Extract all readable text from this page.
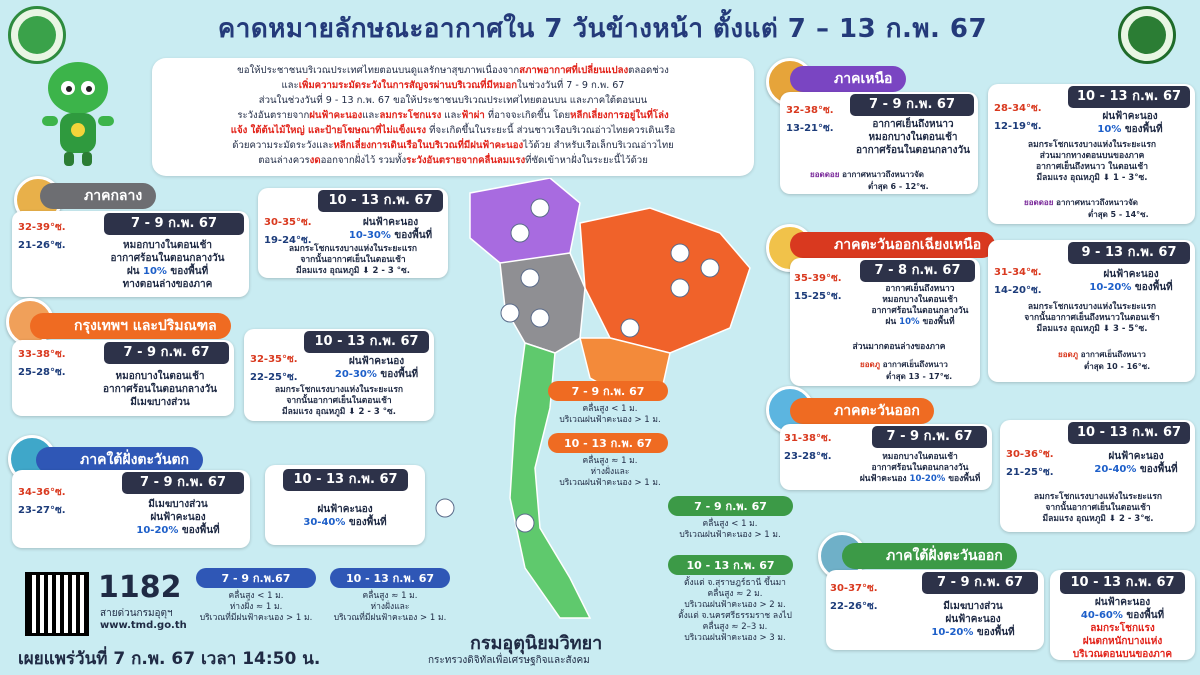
คาดหมายลักษณะอากาศใน 7 วันข้างหน้า ตั้งแต่ 7 – 13 ก.พ. 67
ขอให้ประชาชนบริเวณประเทศไทยตอนบนดูแลรักษาสุขภาพเนื่องจากสภาพอากาศที่เปลี่ยนแปลงตลอดช่วง
และเพิ่มความระมัดระวังในการสัญจรผ่านบริเวณที่มีหมอกในช่วงวันที่ 7 - 9 ก.พ. 67
ส่วนในช่วงวันที่ 9 - 13 ก.พ. 67 ขอให้ประชาชนบริเวณประเทศไทยตอนบน และภาคใต้ตอนบน
ระวังอันตรายจากฝนฟ้าคะนองและลมกระโชกแรง และฟ้าผ่า ที่อาจจะเกิดขึ้น โดยหลีกเลี่ยงการอยู่ในที่โล่ง
แจ้ง ใต้ต้นไม้ใหญ่ และป้ายโฆษณาที่ไม่แข็งแรง ที่จะเกิดขึ้นในระยะนี้ ส่วนชาวเรือบริเวณอ่าวไทยควรเดินเรือ
ด้วยความระมัดระวังและหลีกเลี่ยงการเดินเรือในบริเวณที่มีฝนฟ้าคะนองไว้ด้วย สำหรับเรือเล็กบริเวณอ่าวไทย
ตอนล่างควรงดออกจากฝั่งไว้ รวมทั้งระวังอันตรายจากคลื่นลมแรงที่ซัดเข้าหาฝั่งในระยะนี้ไว้ด้วย
ภาคกลาง
7 - 9 ก.พ. 67
32-39°ซ.
21-26°ซ.	หมอกบางในตอนเช้า
อากาศร้อนในตอนกลางวัน
ฝน 10% ของพื้นที่
ทางตอนล่างของภาค
10 - 13 ก.พ. 67
30-35°ซ.
19-24°ซ.
ฝนฟ้าคะนอง
10-30% ของพื้นที่
ลมกระโชกแรงบางแห่งในระยะแรก
จากนั้นอากาศเย็นในตอนเช้า
มีลมแรง อุณหภูมิ ⬇ 2 - 3 °ซ.
กรุงเทพฯ และปริมณฑล
7 - 9 ก.พ. 67
33-38°ซ.
25-28°ซ.	หมอกบางในตอนเช้า
อากาศร้อนในตอนกลางวัน
มีเมฆบางส่วน
10 - 13 ก.พ. 67
32-35°ซ.
22-25°ซ.
ฝนฟ้าคะนอง
20-30% ของพื้นที่
ลมกระโชกแรงบางแห่งในระยะแรก
จากนั้นอากาศเย็นในตอนเช้า
มีลมแรง อุณหภูมิ ⬇ 2 - 3 °ซ.
ภาคใต้ฝั่งตะวันตก
7 - 9 ก.พ. 67
34-36°ซ.
23-27°ซ.
มีเมฆบางส่วน
ฝนฟ้าคะนอง
10-20% ของพื้นที่
10 - 13 ก.พ. 67
ฝนฟ้าคะนอง
30-40% ของพื้นที่
ภาคเหนือ
7 - 9 ก.พ. 67
32-38°ซ.
13-21°ซ.	อากาศเย็นถึงหนาว
หมอกบางในตอนเช้า
อากาศร้อนในตอนกลางวัน
ยอดดอย อากาศหนาวถึงหนาวจัด
ต่ำสุด 6 - 12°ซ.
10 - 13 ก.พ. 67
28-34°ซ.
12-19°ซ.
ฝนฟ้าคะนอง
10% ของพื้นที่
ลมกระโชกแรงบางแห่งในระยะแรก
ส่วนมากทางตอนบนของภาค
อากาศเย็นถึงหนาว ในตอนเช้า
มีลมแรง อุณหภูมิ ⬇ 1 - 3°ซ.
ยอดดอย อากาศหนาวถึงหนาวจัด
ต่ำสุด 5 - 14°ซ.
ภาคตะวันออกเฉียงเหนือ
7 - 8 ก.พ. 67
35-39°ซ.
15-25°ซ.
อากาศเย็นถึงหนาว
หมอกบางในตอนเช้า
อากาศร้อนในตอนกลางวัน
ฝน 10% ของพื้นที่
ส่วนมากตอนล่างของภาค
ยอดภู อากาศเย็นถึงหนาว
ต่ำสุด 13 - 17°ซ.
9 - 13 ก.พ. 67
31-34°ซ.
14-20°ซ.
ฝนฟ้าคะนอง
10-20% ของพื้นที่
ลมกระโชกแรงบางแห่งในระยะแรก
จากนั้นอากาศเย็นถึงหนาวในตอนเช้า
มีลมแรง อุณหภูมิ ⬇ 3 - 5°ซ.
ยอดภู อากาศเย็นถึงหนาว
ต่ำสุด 10 - 16°ซ.
ภาคตะวันออก
7 - 9 ก.พ. 67
31-38°ซ.
23-28°ซ.	หมอกบางในตอนเช้า
อากาศร้อนในตอนกลางวัน
ฝนฟ้าคะนอง 10-20% ของพื้นที่
10 - 13 ก.พ. 67
30-36°ซ.
21-25°ซ.
ฝนฟ้าคะนอง
20-40% ของพื้นที่
ลมกระโชกแรงบางแห่งในระยะแรก
จากนั้นอากาศเย็นในตอนเช้า
มีลมแรง อุณหภูมิ ⬇ 2 - 3°ซ.
ภาคใต้ฝั่งตะวันออก
7 - 9 ก.พ. 67
30-37°ซ.
22-26°ซ.	มีเมฆบางส่วน
ฝนฟ้าคะนอง
10-20% ของพื้นที่
10 - 13 ก.พ. 67
ฝนฟ้าคะนอง
40-60% ของพื้นที่
ลมกระโชกแรง
ฝนตกหนักบางแห่ง
บริเวณตอนบนของภาค
7 - 9 ก.พ. 67
คลื่นสูง < 1 ม.
บริเวณฝนฟ้าคะนอง > 1 ม.
10 - 13 ก.พ. 67
คลื่นสูง ≈ 1 ม.
ห่างฝั่งและ
บริเวณฝนฟ้าคะนอง > 1 ม.
7 - 9 ก.พ. 67
คลื่นสูง < 1 ม.
บริเวณฝนฟ้าคะนอง > 1 ม.
10 - 13 ก.พ. 67
ตั้งแต่ จ.สุราษฎร์ธานี ขึ้นมา
คลื่นสูง ≈ 2 ม.
บริเวณฝนฟ้าคะนอง > 2 ม.
ตั้งแต่ จ.นครศรีธรรมราช ลงไป
คลื่นสูง ≈ 2–3 ม.
บริเวณฝนฟ้าคะนอง > 3 ม.
7 - 9 ก.พ.67
คลื่นสูง < 1 ม.
ห่างฝั่ง ≈ 1 ม.
บริเวณที่มีฝนฟ้าคะนอง > 1 ม.
10 - 13 ก.พ. 67
คลื่นสูง ≈ 1 ม.
ห่างฝั่งและ
บริเวณที่มีฝนฟ้าคะนอง > 1 ม.
1182
สายด่วนกรมอุตุฯ
www.tmd.go.th
เผยแพร่วันที่ 7 ก.พ. 67 เวลา 14:50 น.
กรมอุตุนิยมวิทยา
กระทรวงดิจิทัลเพื่อเศรษฐกิจและสังคม
